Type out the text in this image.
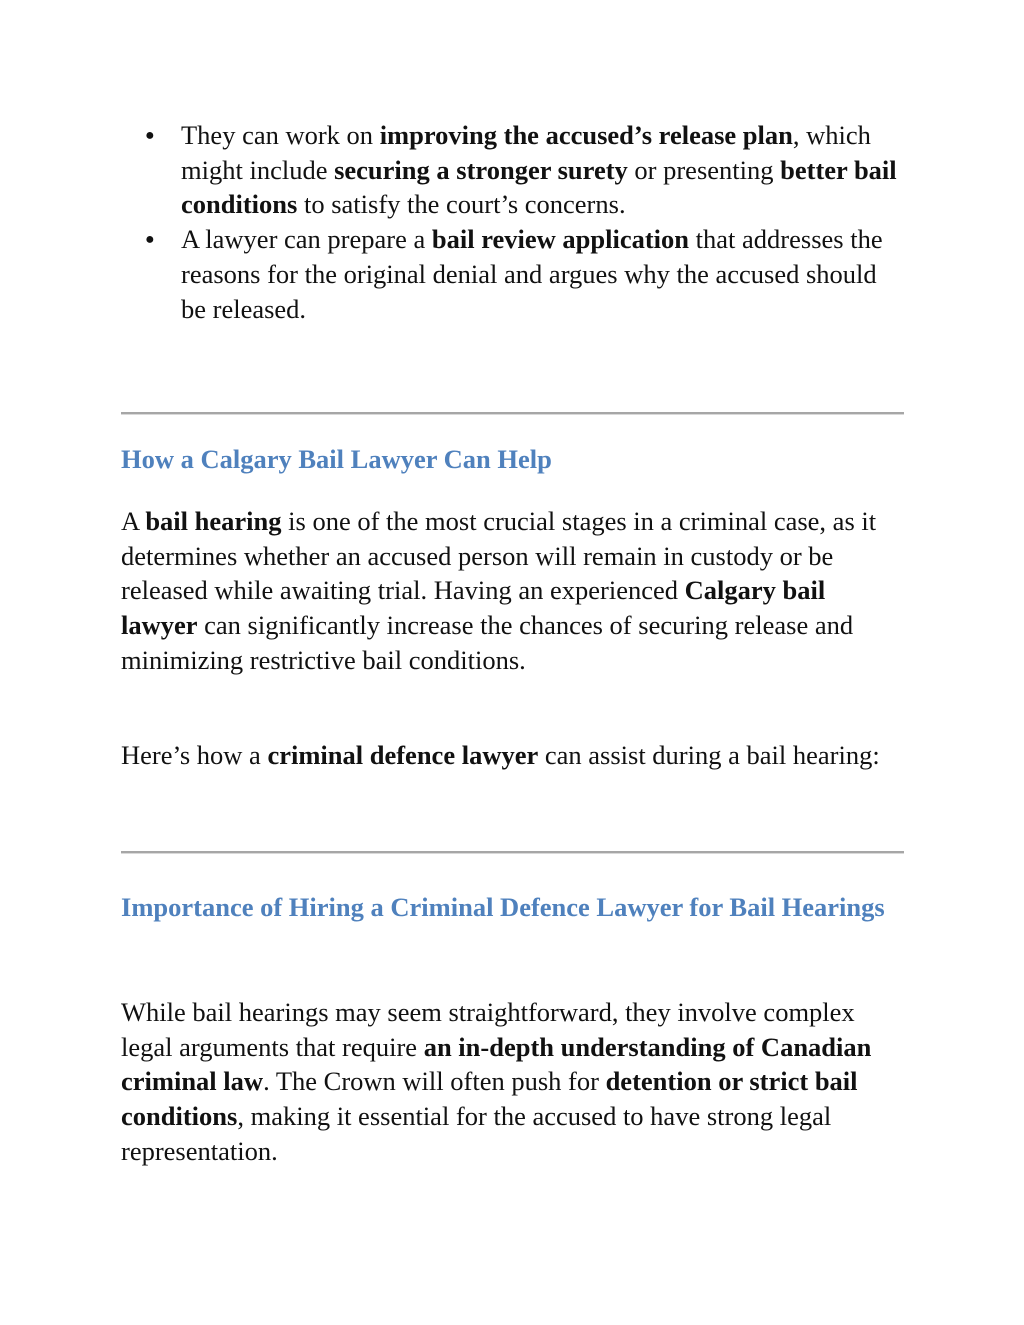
● They can work on improving the accused’s release plan, which might include securing a stronger surety or presenting better bail conditions to satisfy the court’s concerns.
● A lawyer can prepare a bail review application that addresses the reasons for the original denial and argues why the accused should be released.
How a Calgary Bail Lawyer Can Help

A bail hearing is one of the most crucial stages in a criminal case, as it determines whether an accused person will remain in custody or be released while awaiting trial. Having an experienced Calgary bail lawyer can significantly increase the chances of securing release and minimizing restrictive bail conditions.

Here’s how a criminal defence lawyer can assist during a bail hearing:

Importance of Hiring a Criminal Defence Lawyer for Bail Hearings

While bail hearings may seem straightforward, they involve complex legal arguments that require an in-depth understanding of Canadian criminal law. The Crown will often push for detention or strict bail conditions, making it essential for the accused to have strong legal representation.
